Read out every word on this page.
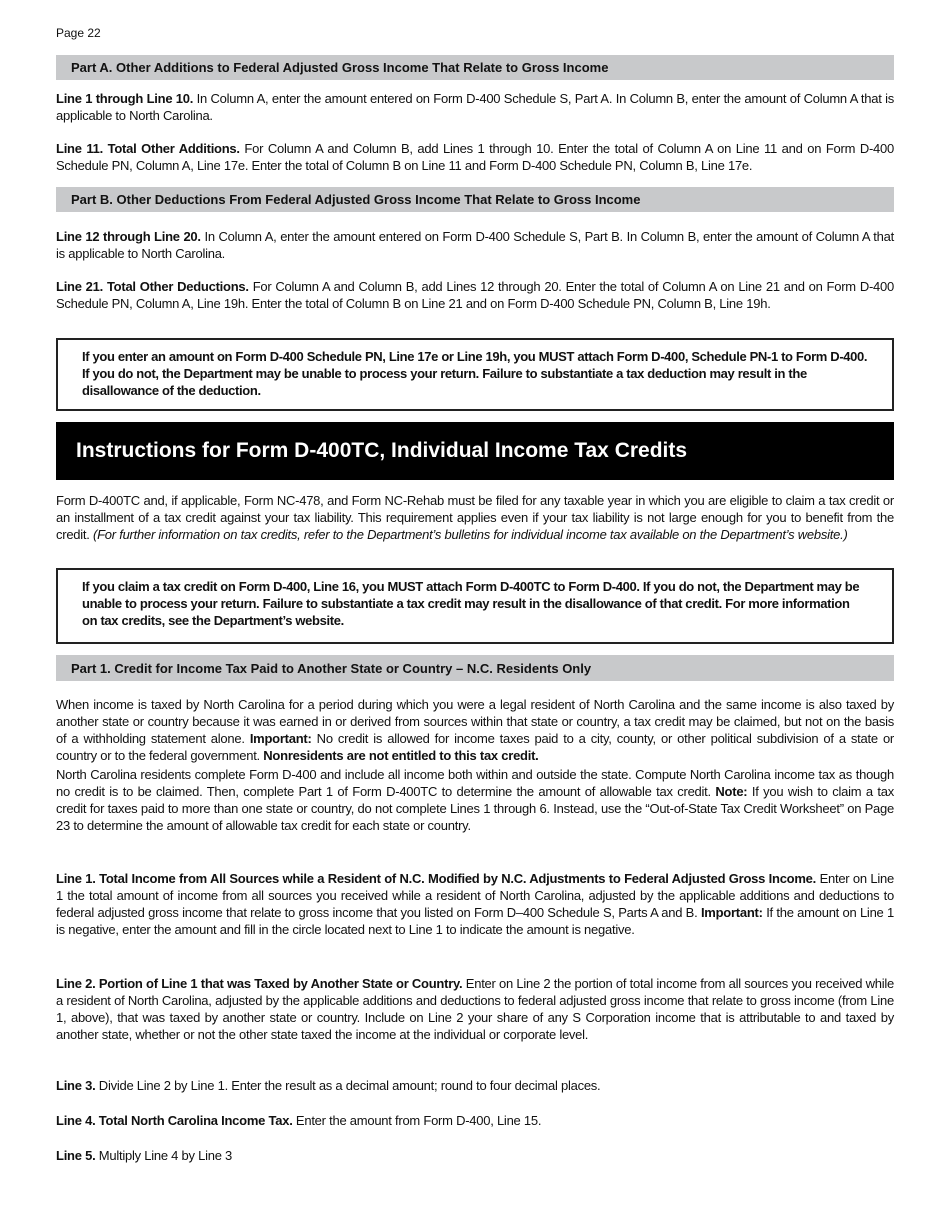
Page 22
Part A. Other Additions to Federal Adjusted Gross Income That Relate to Gross Income

Line 1 through Line 10. In Column A, enter the amount entered on Form D-400 Schedule S, Part A. In Column B, enter the amount of Column A that is applicable to North Carolina.

Line 11. Total Other Additions. For Column A and Column B, add Lines 1 through 10. Enter the total of Column A on Line 11 and on Form D-400 Schedule PN, Column A, Line 17e. Enter the total of Column B on Line 11 and Form D-400 Schedule PN, Column B, Line 17e.

Part B. Other Deductions From Federal Adjusted Gross Income That Relate to Gross Income

Line 12 through Line 20. In Column A, enter the amount entered on Form D-400 Schedule S, Part B. In Column B, enter the amount of Column A that is applicable to North Carolina.

Line 21. Total Other Deductions. For Column A and Column B, add Lines 12 through 20. Enter the total of Column A on Line 21 and on Form D-400 Schedule PN, Column A, Line 19h. Enter the total of Column B on Line 21 and on Form D-400 Schedule PN, Column B, Line 19h.

If you enter an amount on Form D-400 Schedule PN, Line 17e or Line 19h, you MUST attach Form D-400, Schedule PN-1 to Form D-400. If you do not, the Department may be unable to process your return. Failure to substantiate a tax deduction may result in the disallowance of the deduction.
Instructions for Form D-400TC, Individual Income Tax Credits

Form D-400TC and, if applicable, Form NC-478, and Form NC-Rehab must be filed for any taxable year in which you are eligible to claim a tax credit or an installment of a tax credit against your tax liability. This requirement applies even if your tax liability is not large enough for you to benefit from the credit. (For further information on tax credits, refer to the Department’s bulletins for individual income tax available on the Department’s website.)

If you claim a tax credit on Form D-400, Line 16, you MUST attach Form D-400TC to Form D-400. If you do not, the Department may be unable to process your return. Failure to substantiate a tax credit may result in the disallowance of that credit. For more information on tax credits, see the Department’s website.
Part 1. Credit for Income Tax Paid to Another State or Country – N.C. Residents Only

When income is taxed by North Carolina for a period during which you were a legal resident of North Carolina and the same income is also taxed by another state or country because it was earned in or derived from sources within that state or country, a tax credit may be claimed, but not on the basis of a withholding statement alone. Important: No credit is allowed for income taxes paid to a city, county, or other political subdivision of a state or country or to the federal government. Nonresidents are not entitled to this tax credit.

North Carolina residents complete Form D-400 and include all income both within and outside the state. Compute North Carolina income tax as though no credit is to be claimed. Then, complete Part 1 of Form D-400TC to determine the amount of allowable tax credit. Note: If you wish to claim a tax credit for taxes paid to more than one state or country, do not complete Lines 1 through 6. Instead, use the “Out-of-State Tax Credit Worksheet” on Page 23 to determine the amount of allowable tax credit for each state or country.

Line 1. Total Income from All Sources while a Resident of N.C. Modified by N.C. Adjustments to Federal Adjusted Gross Income. Enter on Line 1 the total amount of income from all sources you received while a resident of North Carolina, adjusted by the applicable additions and deductions to federal adjusted gross income that relate to gross income that you listed on Form D–400 Schedule S, Parts A and B. Important: If the amount on Line 1 is negative, enter the amount and fill in the circle located next to Line 1 to indicate the amount is negative.

Line 2. Portion of Line 1 that was Taxed by Another State or Country. Enter on Line 2 the portion of total income from all sources you received while a resident of North Carolina, adjusted by the applicable additions and deductions to federal adjusted gross income that relate to gross income (from Line 1, above), that was taxed by another state or country. Include on Line 2 your share of any S Corporation income that is attributable to and taxed by another state, whether or not the other state taxed the income at the individual or corporate level.

Line 3. Divide Line 2 by Line 1. Enter the result as a decimal amount; round to four decimal places.

Line 4. Total North Carolina Income Tax. Enter the amount from Form D-400, Line 15.

Line 5. Multiply Line 4 by Line 3
